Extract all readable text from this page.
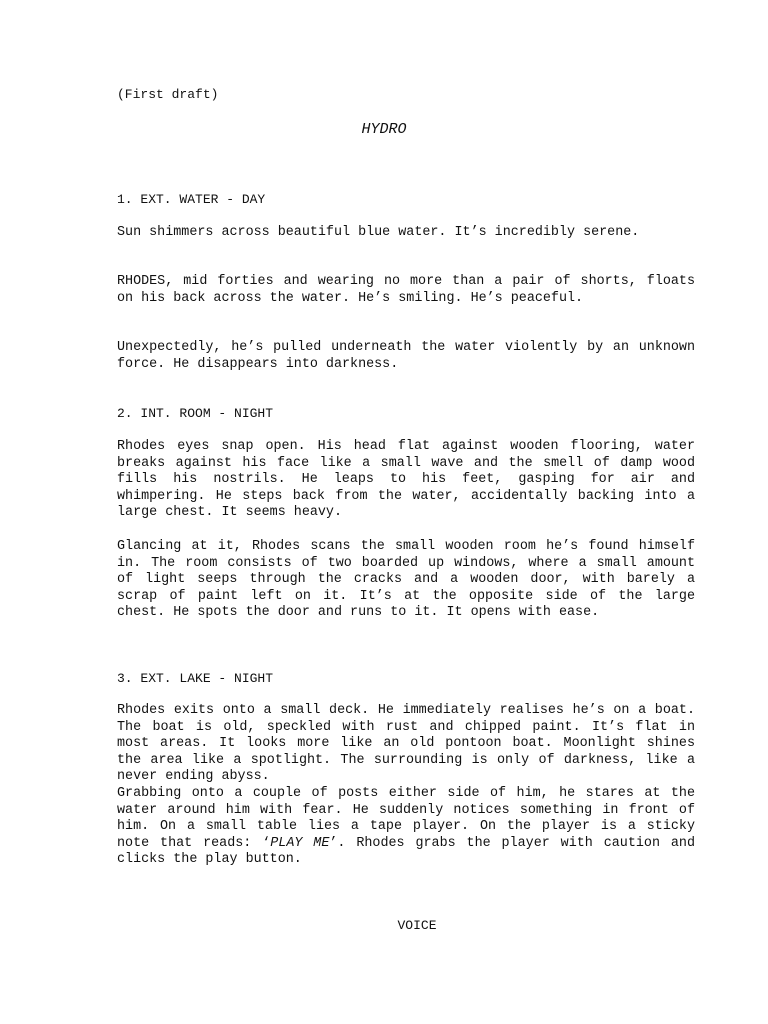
(First draft)
HYDRO
1. EXT. WATER - DAY
Sun shimmers across beautiful blue water. It’s incredibly serene.
RHODES, mid forties and wearing no more than a pair of shorts, floats on his back across the water. He’s smiling. He’s peaceful.
Unexpectedly, he’s pulled underneath the water violently by an unknown force. He disappears into darkness.
2. INT. ROOM - NIGHT
Rhodes eyes snap open. His head flat against wooden flooring, water breaks against his face like a small wave and the smell of damp wood fills his nostrils. He leaps to his feet, gasping for air and whimpering. He steps back from the water, accidentally backing into a large chest. It seems heavy.
Glancing at it, Rhodes scans the small wooden room he’s found himself in. The room consists of two boarded up windows, where a small amount of light seeps through the cracks and a wooden door, with barely a scrap of paint left on it. It’s at the opposite side of the large chest. He spots the door and runs to it. It opens with ease.
3. EXT. LAKE - NIGHT
Rhodes exits onto a small deck. He immediately realises he’s on a boat. The boat is old, speckled with rust and chipped paint. It’s flat in most areas. It looks more like an old pontoon boat. Moonlight shines the area like a spotlight. The surrounding is only of darkness, like a never ending abyss.
Grabbing onto a couple of posts either side of him, he stares at the water around him with fear. He suddenly notices something in front of him. On a small table lies a tape player. On the player is a sticky note that reads: ‘PLAY ME’. Rhodes grabs the player with caution and clicks the play button.
VOICE
